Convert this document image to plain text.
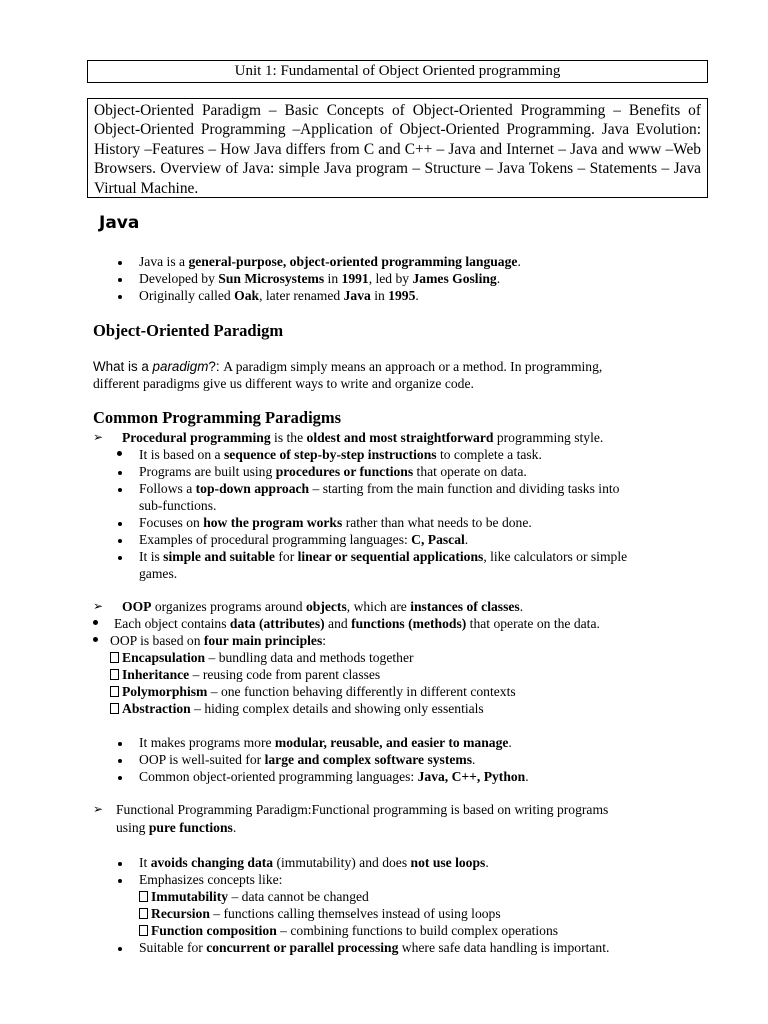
Unit 1: Fundamental of Object Oriented programming
Object-Oriented Paradigm – Basic Concepts of Object-Oriented Programming – Benefits of Object-Oriented Programming –Application of Object-Oriented Programming. Java Evolution: History –Features – How Java differs from C and C++ – Java and Internet – Java and www –Web Browsers. Overview of Java: simple Java program – Structure – Java Tokens – Statements – Java Virtual Machine.
Java
Java is a general-purpose, object-oriented programming language.
Developed by Sun Microsystems in 1991, led by James Gosling.
Originally called Oak, later renamed Java in 1995.
Object-Oriented Paradigm
What is a paradigm?: A paradigm simply means an approach or a method. In programming,
different paradigms give us different ways to write and organize code.
Common Programming Paradigms
➢ Procedural programming is the oldest and most straightforward programming style.
It is based on a sequence of step-by-step instructions to complete a task.
Programs are built using procedures or functions that operate on data.
Follows a top-down approach – starting from the main function and dividing tasks into
sub-functions.
Focuses on how the program works rather than what needs to be done.
Examples of procedural programming languages: C, Pascal.
It is simple and suitable for linear or sequential applications, like calculators or simple
games.
➢ OOP organizes programs around objects, which are instances of classes.
Each object contains data (attributes) and functions (methods) that operate on the data.
OOP is based on four main principles:
Encapsulation – bundling data and methods together
Inheritance – reusing code from parent classes
Polymorphism – one function behaving differently in different contexts
Abstraction – hiding complex details and showing only essentials
It makes programs more modular, reusable, and easier to manage.
OOP is well-suited for large and complex software systems.
Common object-oriented programming languages: Java, C++, Python.
➢ Functional Programming Paradigm:Functional programming is based on writing programs
using pure functions.
It avoids changing data (immutability) and does not use loops.
Emphasizes concepts like:
Immutability – data cannot be changed
Recursion – functions calling themselves instead of using loops
Function composition – combining functions to build complex operations
Suitable for concurrent or parallel processing where safe data handling is important.
